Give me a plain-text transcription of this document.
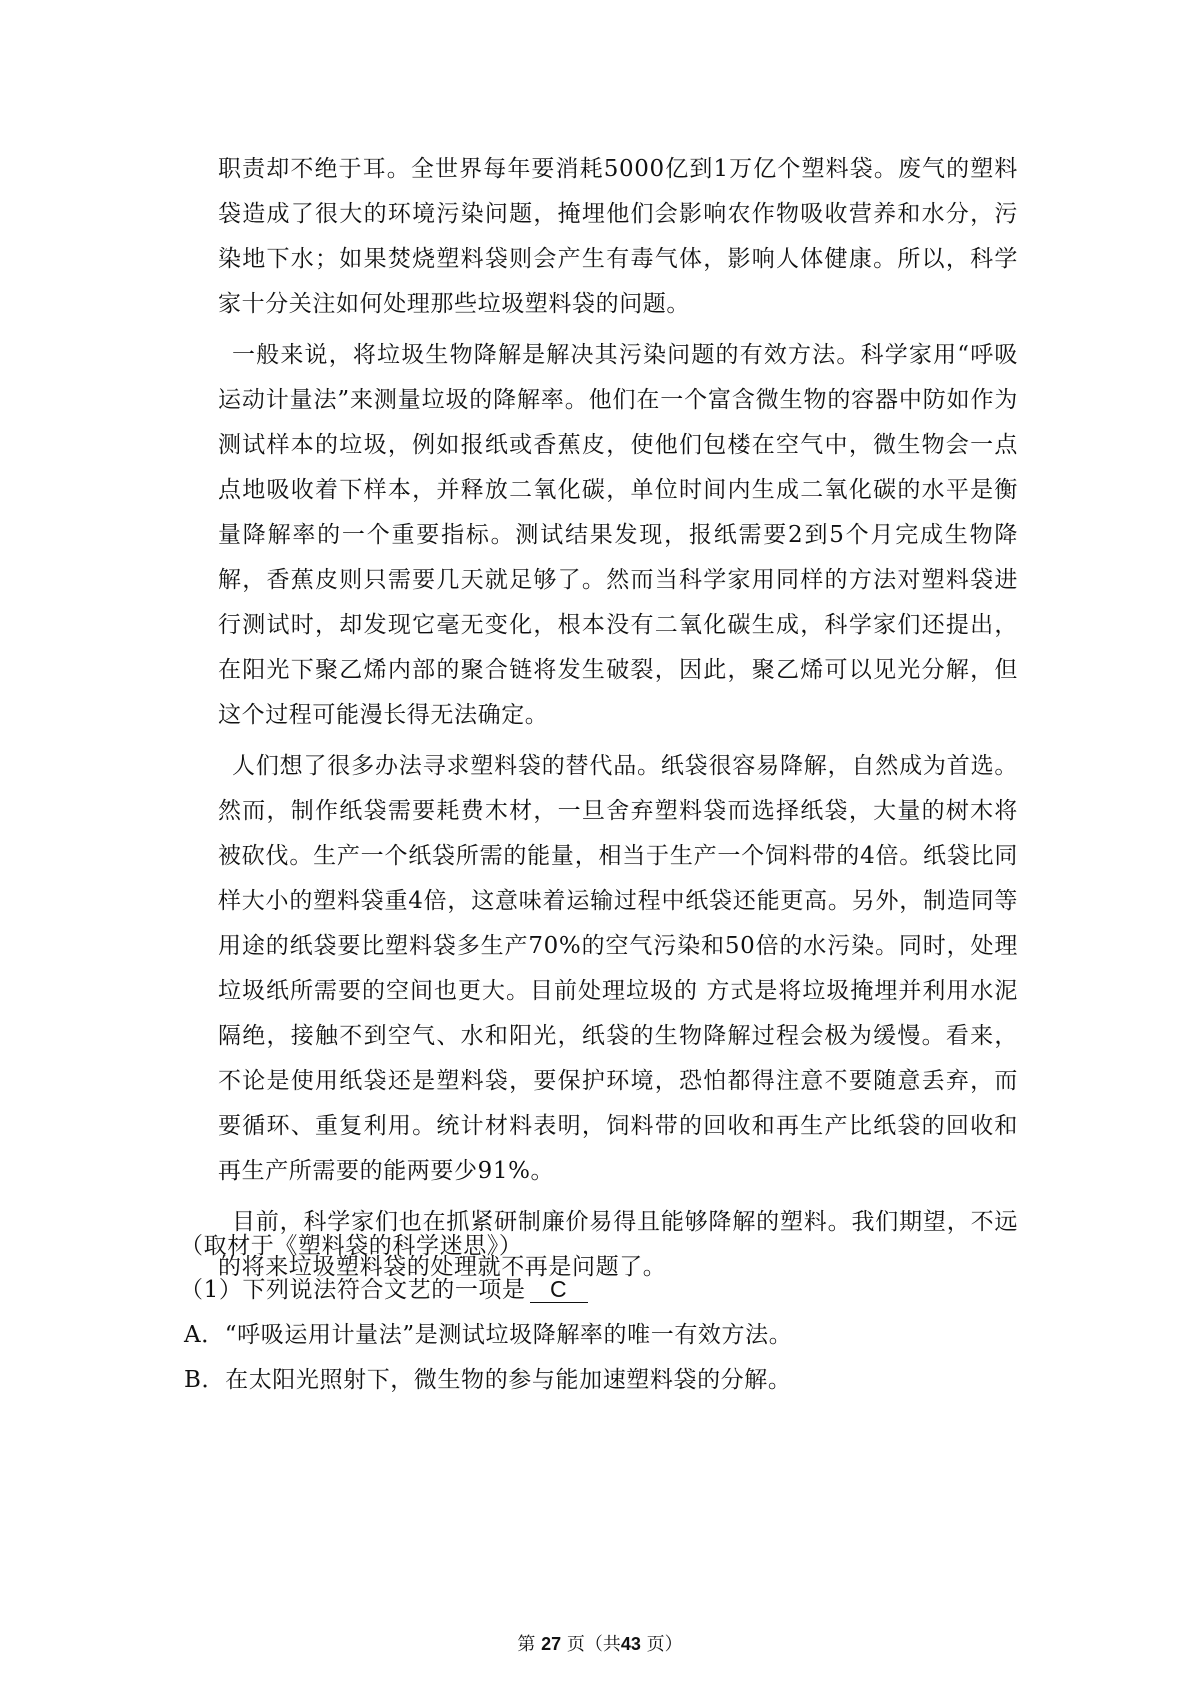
职责却不绝于耳。全世界每年要消耗5000亿到1万亿个塑料袋。废气的塑料袋造成了很大的环境污染问题，掩埋他们会影响农作物吸收营养和水分，污染地下水；如果焚烧塑料袋则会产生有毒气体，影响人体健康。所以，科学家十分关注如何处理那些垃圾塑料袋的问题。

一般来说，将垃圾生物降解是解决其污染问题的有效方法。科学家用“呼吸运动计量法”来测量垃圾的降解率。他们在一个富含微生物的容器中防如作为测试样本的垃圾，例如报纸或香蕉皮，使他们包楼在空气中，微生物会一点点地吸收着下样本，并释放二氧化碳，单位时间内生成二氧化碳的水平是衡量降解率的一个重要指标。测试结果发现，报纸需要2到5个月完成生物降解，香蕉皮则只需要几天就足够了。然而当科学家用同样的方法对塑料袋进行测试时，却发现它毫无变化，根本没有二氧化碳生成，科学家们还提出，在阳光下聚乙烯内部的聚合链将发生破裂，因此，聚乙烯可以见光分解，但这个过程可能漫长得无法确定。

人们想了很多办法寻求塑料袋的替代品。纸袋很容易降解，自然成为首选。然而，制作纸袋需要耗费木材，一旦舍弃塑料袋而选择纸袋，大量的树木将被砍伐。生产一个纸袋所需的能量，相当于生产一个饲料带的4倍。纸袋比同样大小的塑料袋重4倍，这意味着运输过程中纸袋还能更高。另外，制造同等用途的纸袋要比塑料袋多生产70%的空气污染和50倍的水污染。同时，处理垃圾纸所需要的空间也更大。目前处理垃圾的 方式是将垃圾掩埋并利用水泥隔绝，接触不到空气、水和阳光，纸袋的生物降解过程会极为缓慢。看来，不论是使用纸袋还是塑料袋，要保护环境，恐怕都得注意不要随意丢弃，而要循环、重复利用。统计材料表明，饲料带的回收和再生产比纸袋的回收和再生产所需要的能两要少91%。

目前，科学家们也在抓紧研制廉价易得且能够降解的塑料。我们期望，不远的将来垃圾塑料袋的处理就不再是问题了。

（取材于《塑料袋的科学迷思》）
（1）下列说法符合文艺的一项是 C
A．“呼吸运用计量法”是测试垃圾降解率的唯一有效方法。
B．在太阳光照射下，微生物的参与能加速塑料袋的分解。
第 27 页（共43 页）
